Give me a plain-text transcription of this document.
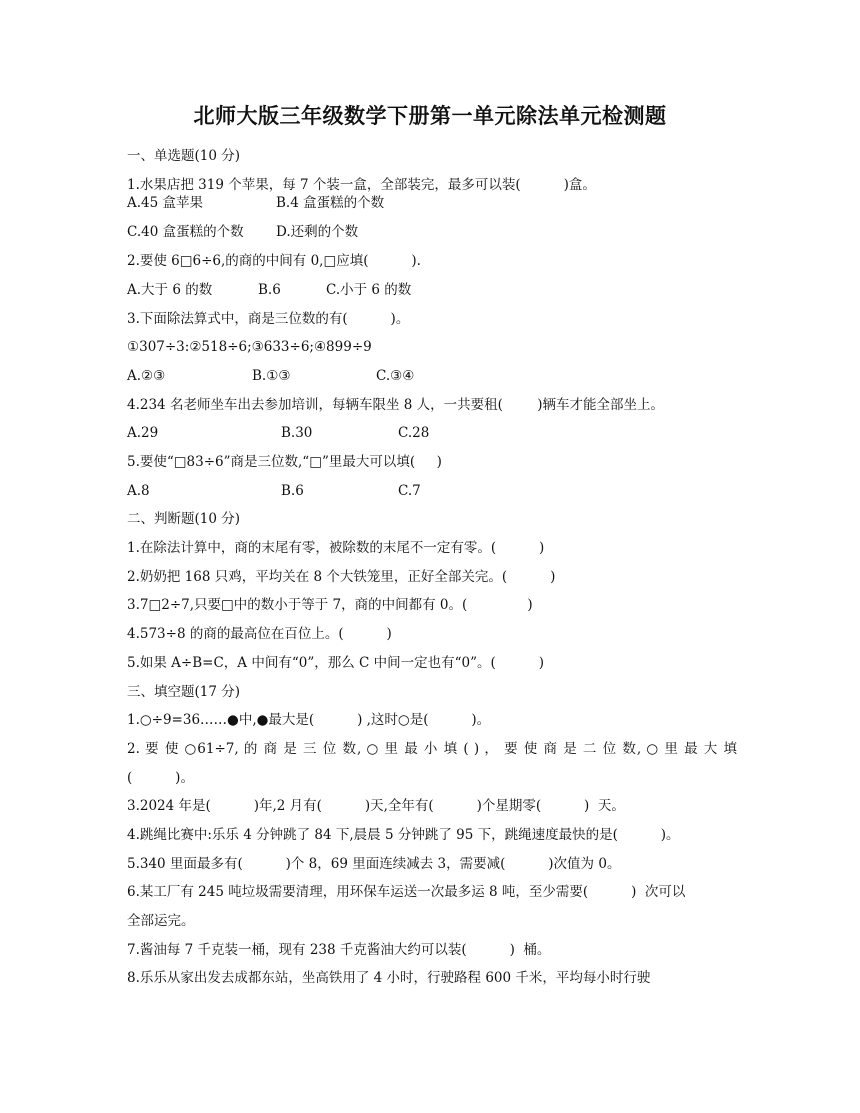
北师大版三年级数学下册第一单元除法单元检测题
一、单选题(10 分)
1.水果店把 319 个苹果，每 7 个装一盒，全部装完，最多可以装(          )盒。
A.45 盒苹果	B.4 盒蛋糕的个数
C.40 盒蛋糕的个数 D.还剩的个数
2.要使 6□6÷6,的商的中间有 0,□应填(          ).
A.大于 6 的数	B.6	C.小于 6 的数
3.下面除法算式中，商是三位数的有(          )。
①307÷3:②518÷6;③633÷6;④899÷9
A.②③	B.①③	C.③④
4.234 名老师坐车出去参加培训，每辆车限坐 8 人，一共要租(        )辆车才能全部坐上。
A.29	B.30	C.28
5.要使“□83÷6”商是三位数,“□”里最大可以填(     )
A.8	B.6	C.7
二、判断题(10 分)
1.在除法计算中，商的末尾有零，被除数的末尾不一定有零。(          )
2.奶奶把 168 只鸡，平均关在 8 个大铁笼里，正好全部关完。(          )
3.7□2÷7,只要□中的数小于等于 7，商的中间都有 0。(              )
4.573÷8 的商的最高位在百位上。(          )
5.如果 A÷B=C，A 中间有“0”，那么 C 中间一定也有“0”。(          )
三、填空题(17 分)
1.○÷9=36……●中,●最大是(          ) ,这时○是(          )。
2. 要 使 ○61÷7, 的 商 是 三 位 数, ○ 里 最 小 填 ( ) ， 要 使 商 是 二 位 数, ○ 里 最 大 填
(          )。
3.2024 年是(          )年,2 月有(          )天,全年有(          )个星期零(          )  天。
4.跳绳比赛中:乐乐 4 分钟跳了 84 下,晨晨 5 分钟跳了 95 下，跳绳速度最快的是(          )。
5.340 里面最多有(          )个 8，69 里面连续减去 3，需要减(          )次值为 0。
6.某工厂有 245 吨垃圾需要清理，用环保车运送一次最多运 8 吨，至少需要(          )  次可以
全部运完。
7.酱油每 7 千克装一桶，现有 238 千克酱油大约可以装(          )  桶。
8.乐乐从家出发去成都东站，坐高铁用了 4 小时，行驶路程 600 千米，平均每小时行驶
